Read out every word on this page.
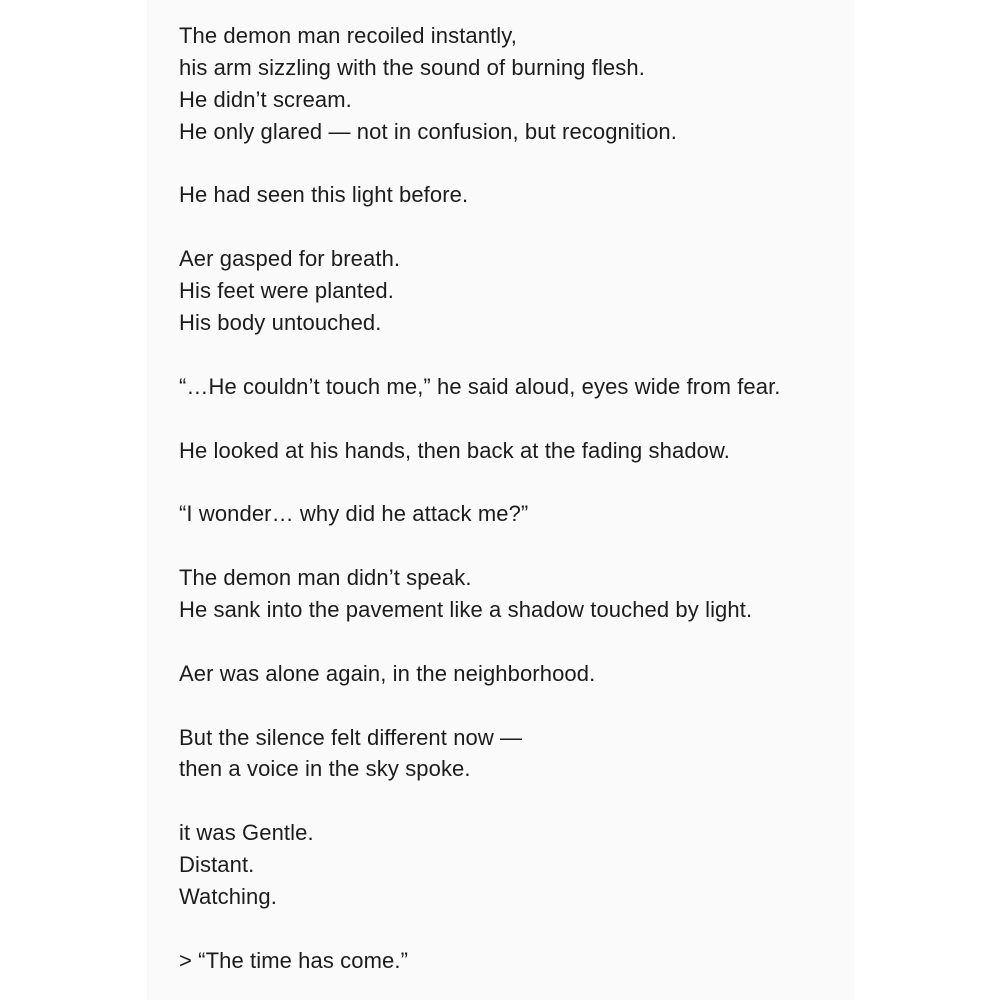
The demon man recoiled instantly,
his arm sizzling with the sound of burning flesh.
He didn’t scream.
He only glared — not in confusion, but recognition.
He had seen this light before.
Aer gasped for breath.
His feet were planted.
His body untouched.
“…He couldn’t touch me,” he said aloud, eyes wide from fear.
He looked at his hands, then back at the fading shadow.
“I wonder… why did he attack me?”
The demon man didn’t speak.
He sank into the pavement like a shadow touched by light.
Aer was alone again, in the neighborhood.
But the silence felt different now —
then a voice in the sky spoke.
it was Gentle.
Distant.
Watching.
> “The time has come.”
